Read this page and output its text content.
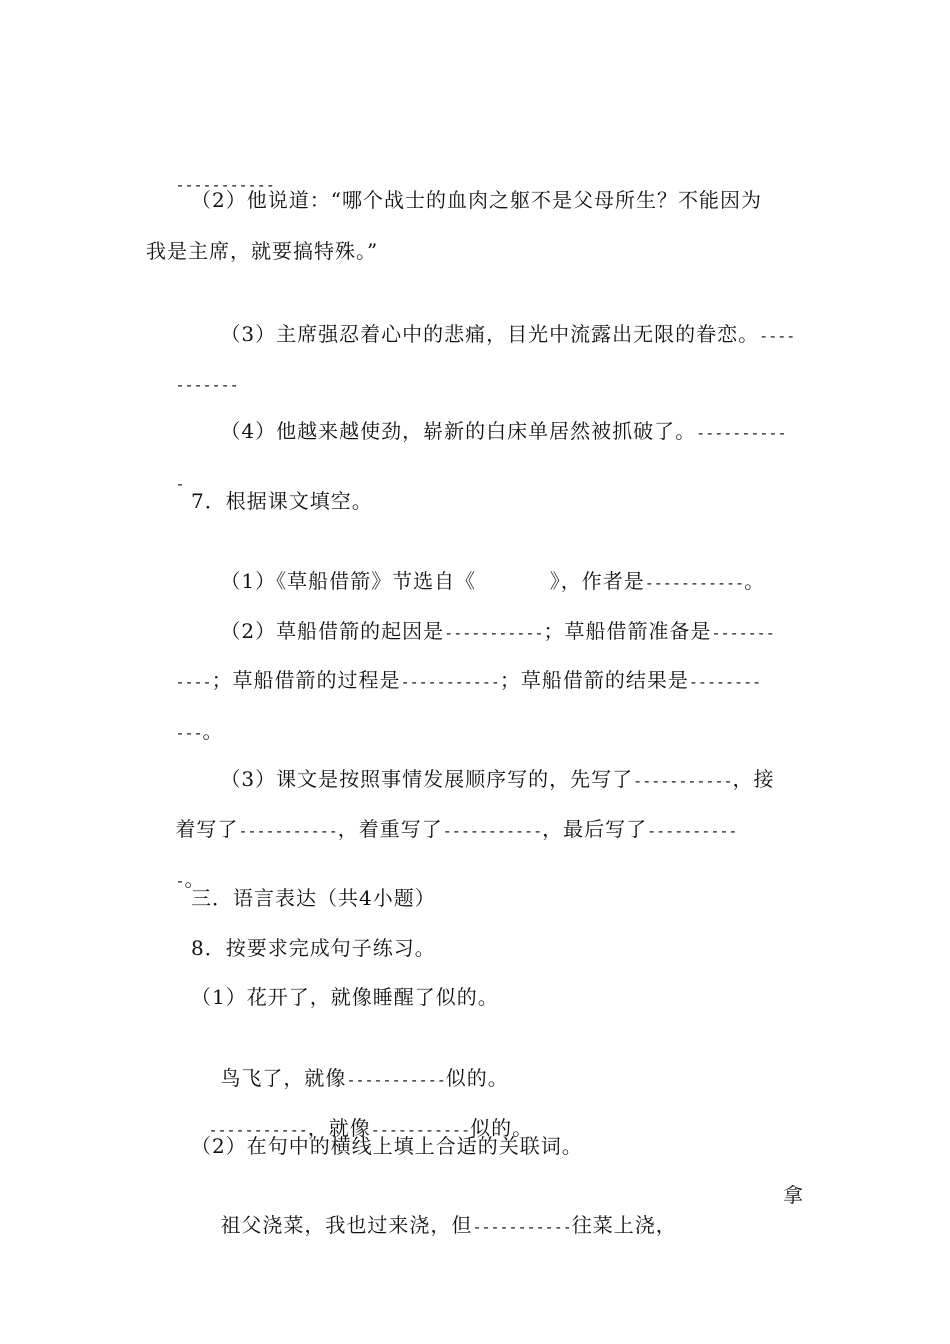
-----------

（2）他说道：“哪个战士的血肉之躯不是父母所生？不能因为
我是主席，就要搞特殊。”

（3）主席强忍着心中的悲痛，目光中流露出无限的眷恋。----

-------

（4）他越来越使劲，崭新的白床单居然被抓破了。----------

-

7．根据课文填空。

（1）《草船借箭》节选自《          》，作者是-----------。

（2）草船借箭的起因是-----------；草船借箭准备是-------

----；草船借箭的过程是-----------；草船借箭的结果是--------

---。

（3）课文是按照事情发展顺序写的，先写了-----------，接

着写了-----------，着重写了-----------，最后写了----------

-。

三．语言表达（共4小题）
8．按要求完成句子练习。
（1）花开了，就像睡醒了似的。

鸟飞了，就像-----------似的。

-----------，就像-----------似的。

（2）在句中的横线上填上合适的关联词。

祖父浇菜，我也过来浇，但-----------往菜上浇，

拿
